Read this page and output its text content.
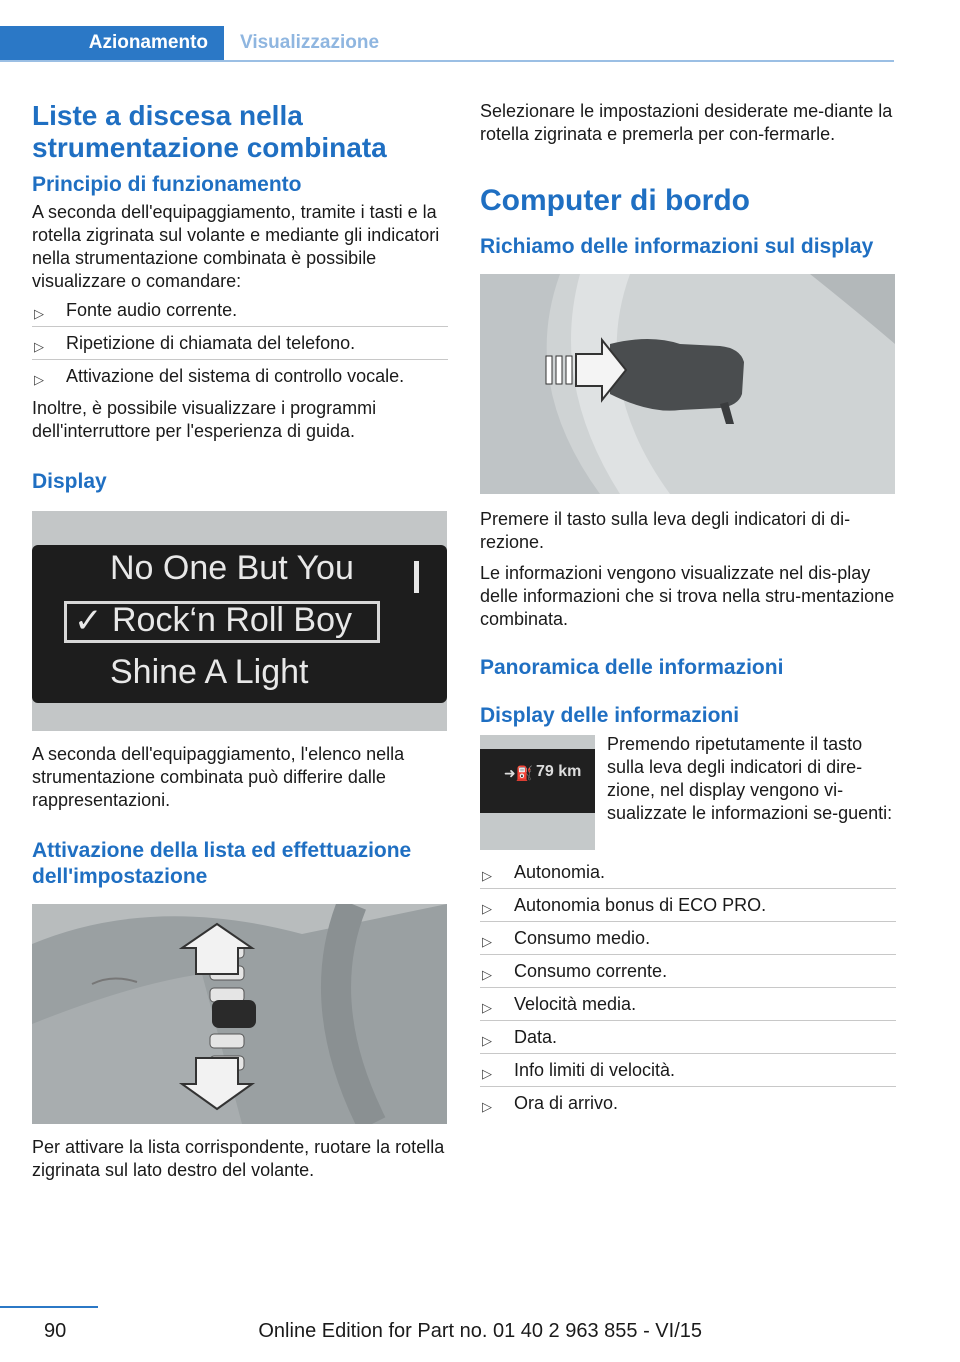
Azionamento	Visualizzazione
Liste a discesa nella strumentazione combinata
Principio di funzionamento

A seconda dell'equipaggiamento, tramite i tasti e la rotella zigrinata sul volante e mediante gli indicatori nella strumentazione combinata è possibile visualizzare o comandare:

▷ Fonte audio corrente.
▷ Ripetizione di chiamata del telefono.
▷ Attivazione del sistema di controllo vocale.

Inoltre, è possibile visualizzare i programmi dell'interruttore per l'esperienza di guida.

Display
No One But You
✓ Rock‘n Roll Boy
Shine A Light

A seconda dell'equipaggiamento, l'elenco nella strumentazione combinata può differire dalle rappresentazioni.

Attivazione della lista ed effettuazione dell'impostazione

Per attivare la lista corrispondente, ruotare la rotella zigrinata sul lato destro del volante.

Selezionare le impostazioni desiderate me‐diante la rotella zigrinata e premerla per con‐fermarle.

Computer di bordo
Richiamo delle informazioni sul display

Premere il tasto sulla leva degli indicatori di di‐rezione.

Le informazioni vengono visualizzate nel dis‐play delle informazioni che si trova nella stru‐mentazione combinata.

Panoramica delle informazioni
Display delle informazioni
➜⛽ 79 km

Premendo ripetutamente il tasto sulla leva degli indicatori di dire‐zione, nel display vengono vi‐sualizzate le informazioni se‐guenti:

▷ Autonomia.
▷ Autonomia bonus di ECO PRO.
▷ Consumo medio.
▷ Consumo corrente.
▷ Velocità media.
▷ Data.
▷ Info limiti di velocità.
▷ Ora di arrivo.
90	Online Edition for Part no. 01 40 2 963 855 - VI/15
